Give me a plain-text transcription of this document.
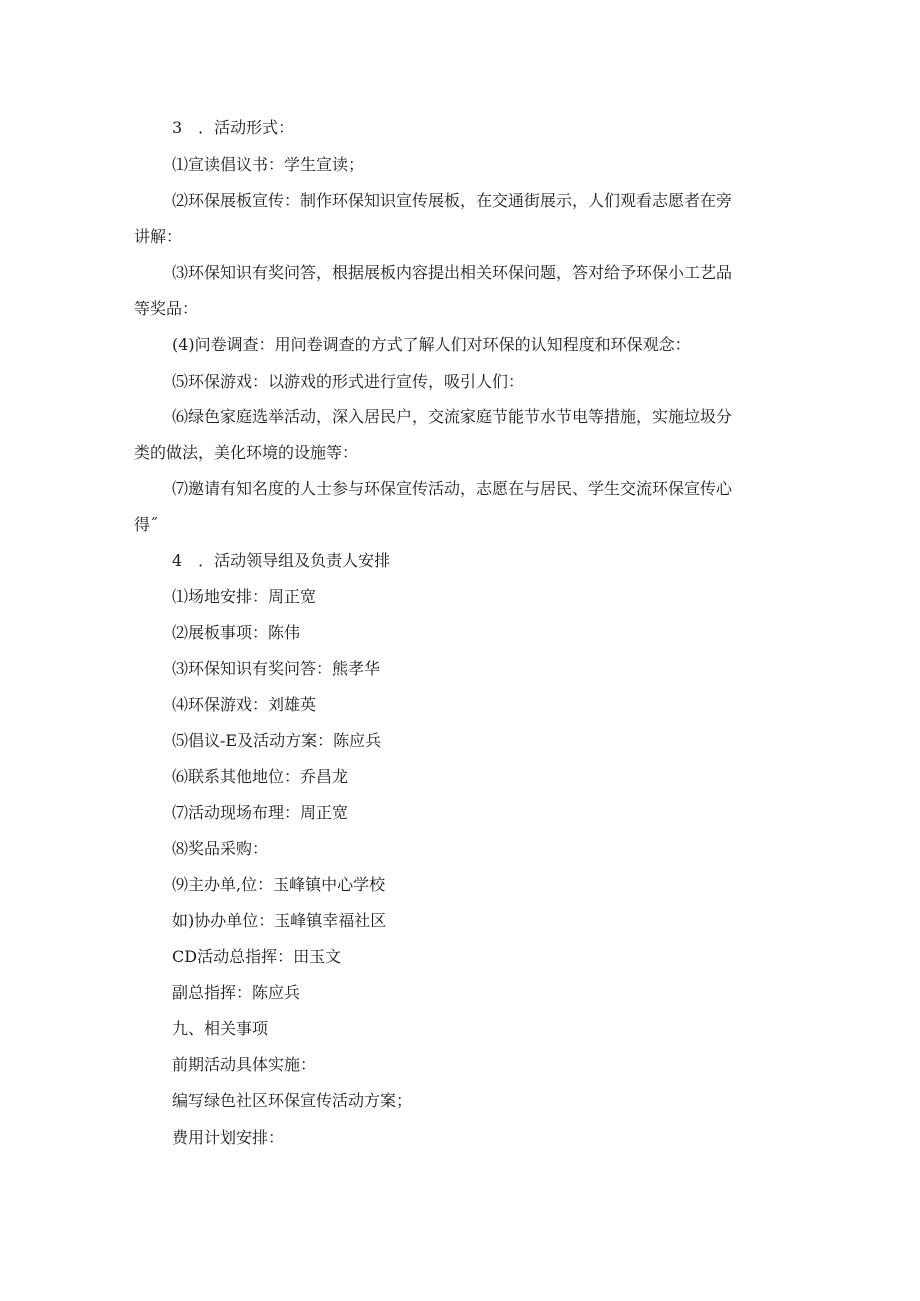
3　．活动形式：
⑴宣读倡议书：学生宣读；
⑵环保展板宣传：制作环保知识宣传展板，在交通街展示，人们观看志愿者在旁
讲解：
⑶环保知识有奖问答，根据展板内容提出相关环保问题，答对给予环保小工艺品
等奖品：
(4)问卷调查：用问卷调查的方式了解人们对环保的认知程度和环保观念：
⑸环保游戏：以游戏的形式进行宣传，吸引人们：
⑹绿色家庭选举活动，深入居民户，交流家庭节能节水节电等措施，实施垃圾分
类的做法，美化环境的设施等：
⑺邀请有知名度的人士参与环保宣传活动，志愿在与居民、学生交流环保宣传心
得˝
4　．活动领导组及负责人安排
⑴场地安排：周正宽
⑵展板事项：陈伟
⑶环保知识有奖问答：熊孝华
⑷环保游戏：刘雄英
⑸倡议-E及活动方案：陈应兵
⑹联系其他地位：乔昌龙
⑺活动现场布理：周正宽
⑻奖品采购：
⑼主办单,位：玉峰镇中心学校
如)协办单位：玉峰镇幸福社区
CD活动总指挥：田玉文
副总指挥：陈应兵
九、相关事项
前期活动具体实施：
编写绿色社区环保宣传活动方案；
费用计划安排：
